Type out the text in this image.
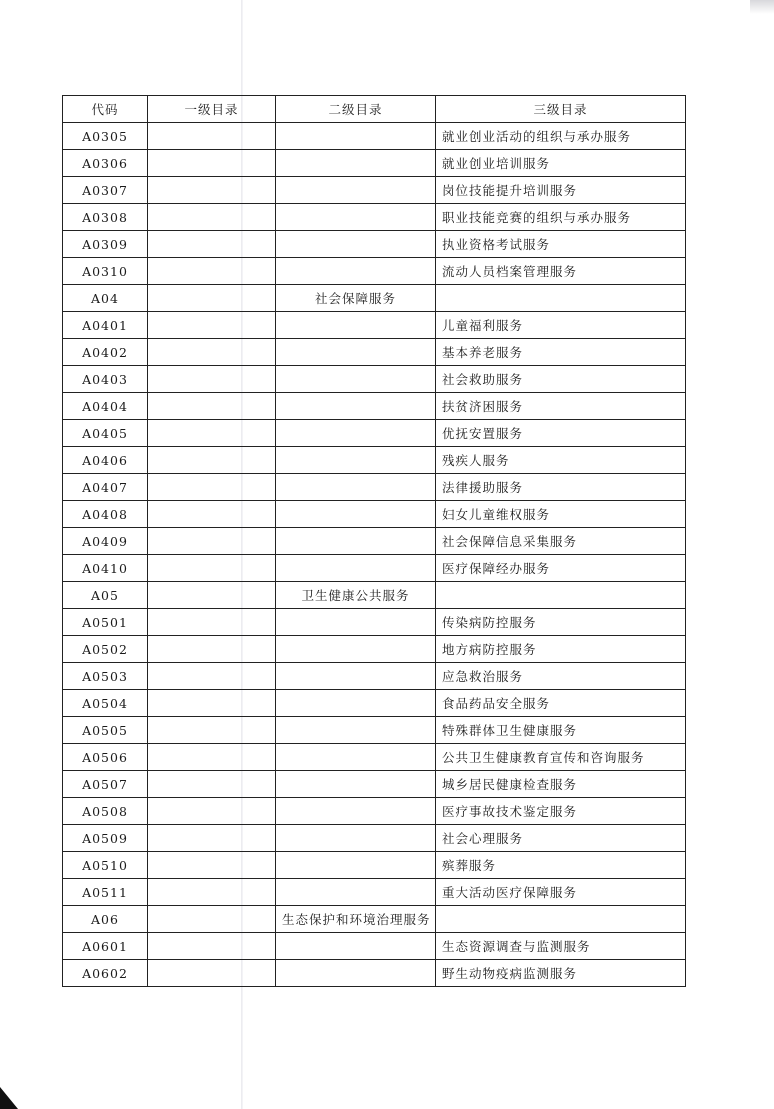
代码	一级目录	二级目录	三级目录
A0305			就业创业活动的组织与承办服务
A0306			就业创业培训服务
A0307			岗位技能提升培训服务
A0308			职业技能竞赛的组织与承办服务
A0309			执业资格考试服务
A0310			流动人员档案管理服务
A04		社会保障服务	
A0401			儿童福利服务
A0402			基本养老服务
A0403			社会救助服务
A0404			扶贫济困服务
A0405			优抚安置服务
A0406			残疾人服务
A0407			法律援助服务
A0408			妇女儿童维权服务
A0409			社会保障信息采集服务
A0410			医疗保障经办服务
A05		卫生健康公共服务	
A0501			传染病防控服务
A0502			地方病防控服务
A0503			应急救治服务
A0504			食品药品安全服务
A0505			特殊群体卫生健康服务
A0506			公共卫生健康教育宣传和咨询服务
A0507			城乡居民健康检查服务
A0508			医疗事故技术鉴定服务
A0509			社会心理服务
A0510			殡葬服务
A0511			重大活动医疗保障服务
A06		生态保护和环境治理服务	
A0601			生态资源调查与监测服务
A0602			野生动物疫病监测服务
